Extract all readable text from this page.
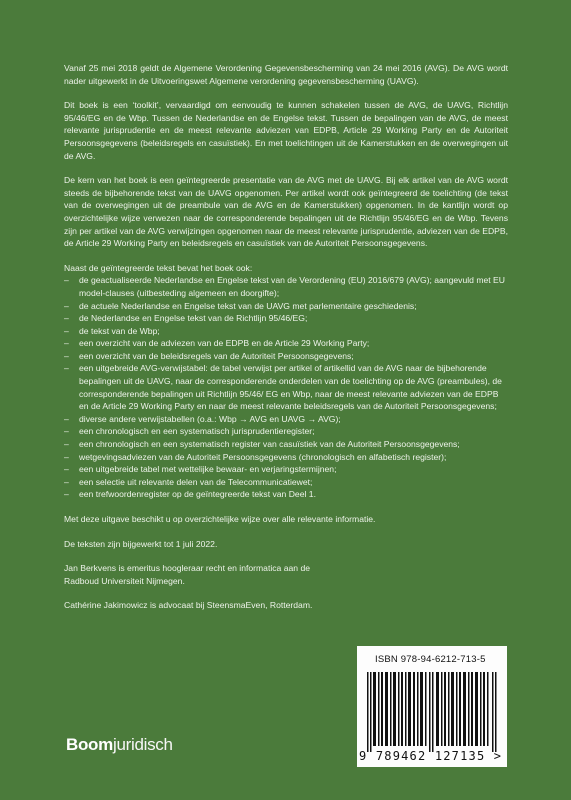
Vanaf 25 mei 2018 geldt de Algemene Verordening Gegevensbescherming van 24 mei 2016 (AVG). De AVG wordt nader uitgewerkt in de Uitvoeringswet Algemene verordening gegevensbescherming (UAVG).

Dit boek is een ‘toolkit’, vervaardigd om eenvoudig te kunnen schakelen tussen de AVG, de UAVG, Richtlijn 95/46/EG en de Wbp. Tussen de Nederlandse en de Engelse tekst. Tussen de bepalingen van de AVG, de meest relevante jurisprudentie en de meest relevante adviezen van EDPB, Article 29 Working Party en de Autoriteit Persoonsgegevens (beleidsregels en casuïstiek). En met toelichtingen uit de Kamerstukken en de overwegingen uit de AVG.

De kern van het boek is een geïntegreerde presentatie van de AVG met de UAVG. Bij elk artikel van de AVG wordt steeds de bijbehorende tekst van de UAVG opgenomen. Per artikel wordt ook geïntegreerd de toelichting (de tekst van de overwegingen uit de preambule van de AVG en de Kamerstukken) opgenomen. In de kantlijn wordt op overzichtelijke wijze verwezen naar de corresponderende bepalingen uit de Richtlijn 95/46/EG en de Wbp. Tevens zijn per artikel van de AVG verwijzingen opgenomen naar de meest relevante jurisprudentie, adviezen van de EDPB, de Article 29 Working Party en beleidsregels en casuïstiek van de Autoriteit Persoonsgegevens.

Naast de geïntegreerde tekst bevat het boek ook:

– de geactualiseerde Nederlandse en Engelse tekst van de Verordening (EU) 2016/679 (AVG); aangevuld met EU model-clauses (uitbesteding algemeen en doorgifte);
– de actuele Nederlandse en Engelse tekst van de UAVG met parlementaire geschiedenis;
– de Nederlandse en Engelse tekst van de Richtlijn 95/46/EG;
– de tekst van de Wbp;
– een overzicht van de adviezen van de EDPB en de Article 29 Working Party;
– een overzicht van de beleidsregels van de Autoriteit Persoonsgegevens;
– een uitgebreide AVG-verwijstabel: de tabel verwijst per artikel of artikellid van de AVG naar de bijbehorende bepalingen uit de UAVG, naar de corresponderende onderdelen van de toelichting op de AVG (preambules), de corresponderende bepalingen uit Richtlijn 95/46/ EG en Wbp, naar de meest relevante adviezen van de EDPB en de Article 29 Working Party en naar de meest relevante beleidsregels van de Autoriteit Persoonsgegevens;
– diverse andere verwijstabellen (o.a.: Wbp → AVG en UAVG → AVG);
– een chronologisch en een systematisch jurisprudentieregister;
– een chronologisch en een systematisch register van casuïstiek van de Autoriteit Persoonsgegevens;
– wetgevingsadviezen van de Autoriteit Persoonsgegevens (chronologisch en alfabetisch register);
– een uitgebreide tabel met wettelijke bewaar- en verjaringstermijnen;
– een selectie uit relevante delen van de Telecommunicatiewet;
– een trefwoordenregister op de geïntegreerde tekst van Deel 1.

Met deze uitgave beschikt u op overzichtelijke wijze over alle relevante informatie.

De teksten zijn bijgewerkt tot 1 juli 2022.

Jan Berkvens is emeritus hoogleraar recht en informatica aan de Radboud Universiteit Nijmegen.

Cathérine Jakimowicz is advocaat bij SteensmaEven, Rotterdam.

ISBN 978-94-6212-713-5
9 789462 127135 >
Boomjuridisch
